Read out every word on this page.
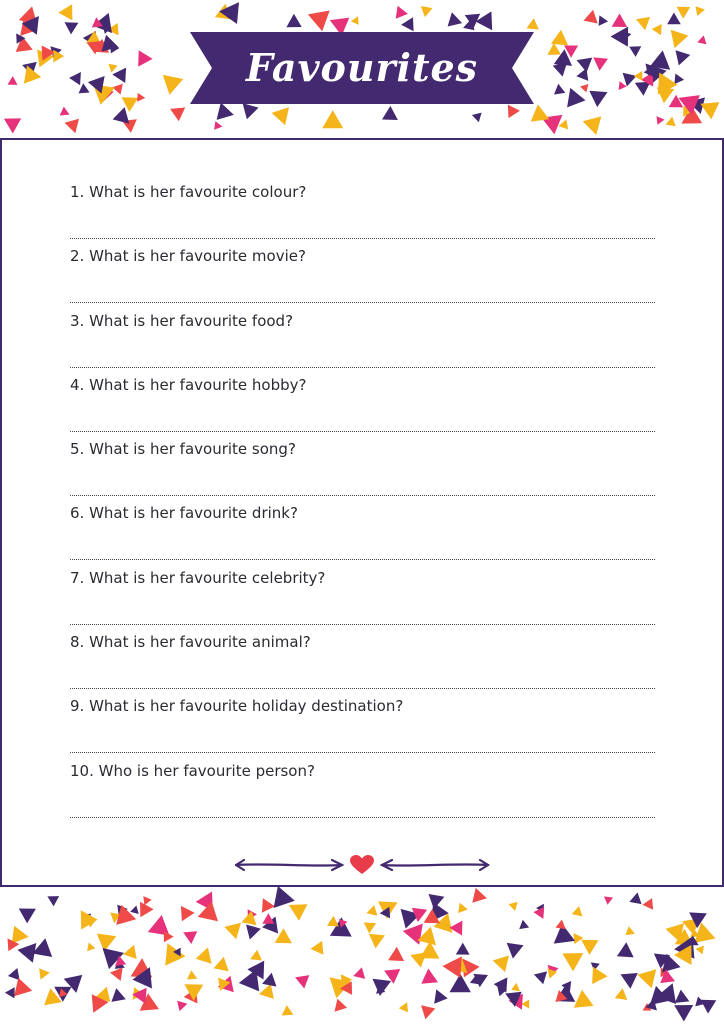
Favourites
1. What is her favourite colour?
2. What is her favourite movie?
3. What is her favourite food?
4. What is her favourite hobby?
5. What is her favourite song?
6. What is her favourite drink?
7. What is her favourite celebrity?
8. What is her favourite animal?
9. What is her favourite holiday destination?
10. Who is her favourite person?
